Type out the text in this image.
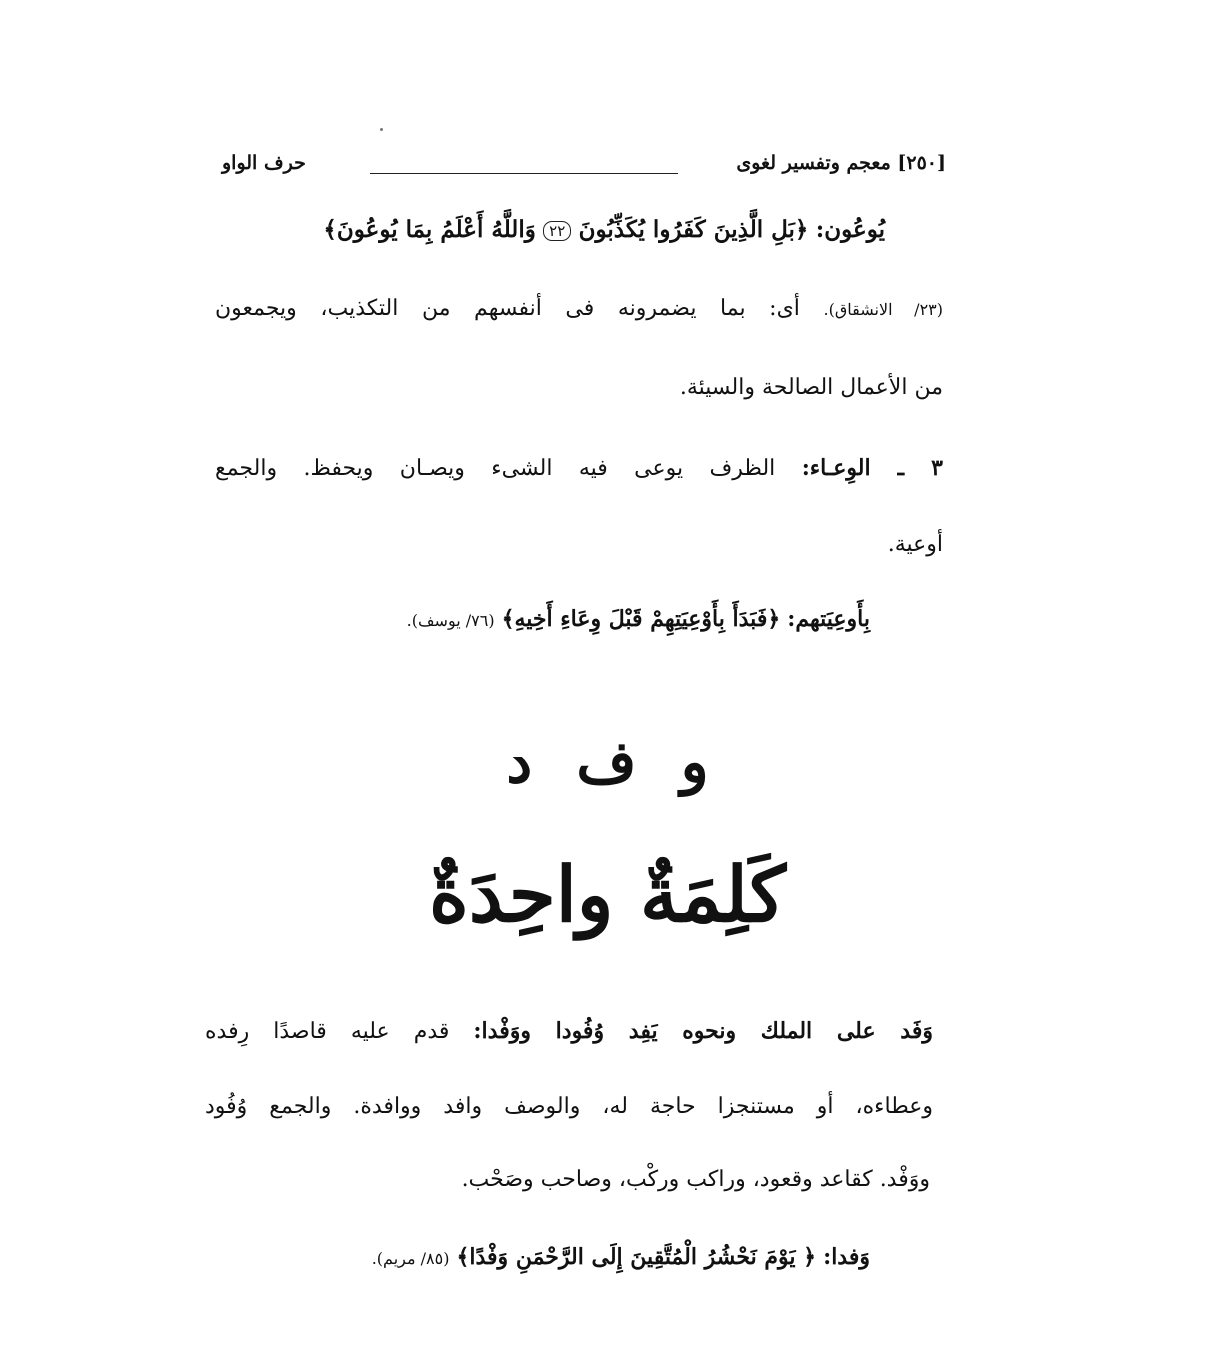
[٢٥٠] معجم وتفسير لغوى
حرف الواو
يُوعُون: ﴿بَلِ الَّذِينَ كَفَرُوا يُكَذِّبُونَ ٢٢ وَاللَّهُ أَعْلَمُ بِمَا يُوعُونَ﴾
(٢٣/ الانشقاق). أى: بما يضمرونه فى أنفسهم من التكذيب، ويجمعون
من الأعمال الصالحة والسيئة.
٣ ـ الوِعـاء: الظرف يوعى فيه الشىء ويصـان ويحفظ. والجمع
أوعية.
بِأَوعِيَتهم: ﴿فَبَدَأَ بِأَوْعِيَتِهِمْ قَبْلَ وِعَاءِ أَخِيهِ﴾ (٧٦/ يوسف).
و ف د
كَلِمَةٌ واحِدَةٌ
وَفَد على الملك ونحوه يَفِد وُفُودا ووَفْدا: قدم عليه قاصدًا رِفده
وعطاءه، أو مستنجزا حاجة له، والوصف وافد ووافدة. والجمع وُفُود
ووَفْد. كقاعد وقعود، وراكب وركْب، وصاحب وصَحْب.
وَفدا: ﴿ يَوْمَ نَحْشُرُ الْمُتَّقِينَ إِلَى الرَّحْمَنِ وَفْدًا﴾ (٨٥/ مريم).
